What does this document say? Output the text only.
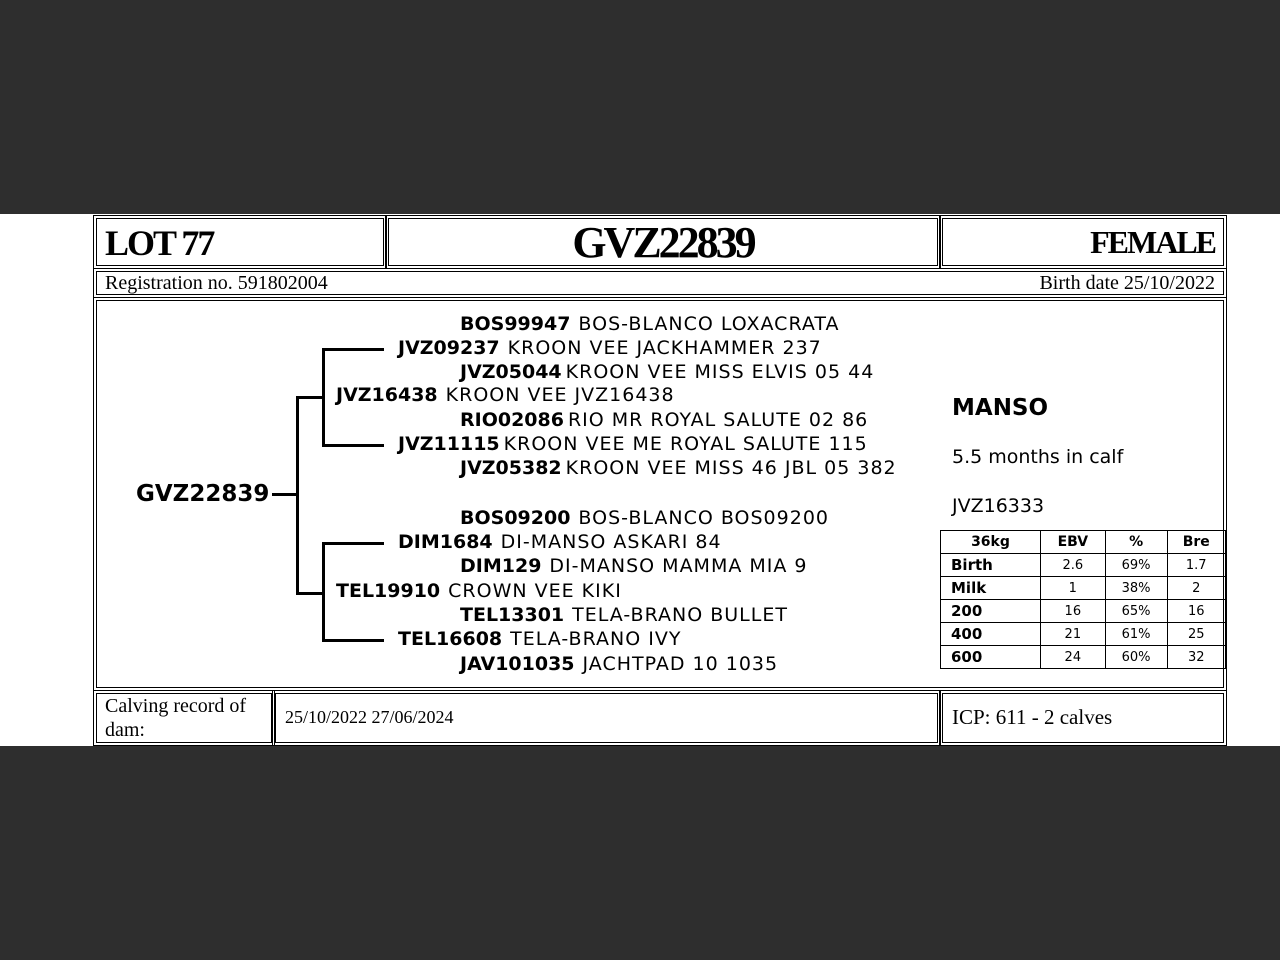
LOT 77	GVZ22839	FEMALE
Registration no. 591802004	Birth date 25/10/2022
GVZ22839
BOS99947 BOS-BLANCO LOXACRATA
JVZ09237 KROON VEE JACKHAMMER 237
JVZ05044 KROON VEE MISS ELVIS 05 44
JVZ16438 KROON VEE JVZ16438
RIO02086 RIO MR ROYAL SALUTE 02 86
JVZ11115 KROON VEE ME ROYAL SALUTE 115
JVZ05382 KROON VEE MISS 46 JBL 05 382
BOS09200 BOS-BLANCO BOS09200
DIM1684 DI-MANSO ASKARI 84
DIM129 DI-MANSO MAMMA MIA 9
TEL19910 CROWN VEE KIKI
TEL13301 TELA-BRANO BULLET
TEL16608 TELA-BRANO IVY
JAV101035 JACHTPAD 10 1035
MANSO
5.5 months in calf
JVZ16333
36kg	EBV	%	Bre
Birth	2.6	69%	1.7
Milk	1	38%	2
200	16	65%	16
400	21	61%	25
600	24	60%	32
Calving record of dam:
25/10/2022 27/06/2024	ICP: 611 - 2 calves
